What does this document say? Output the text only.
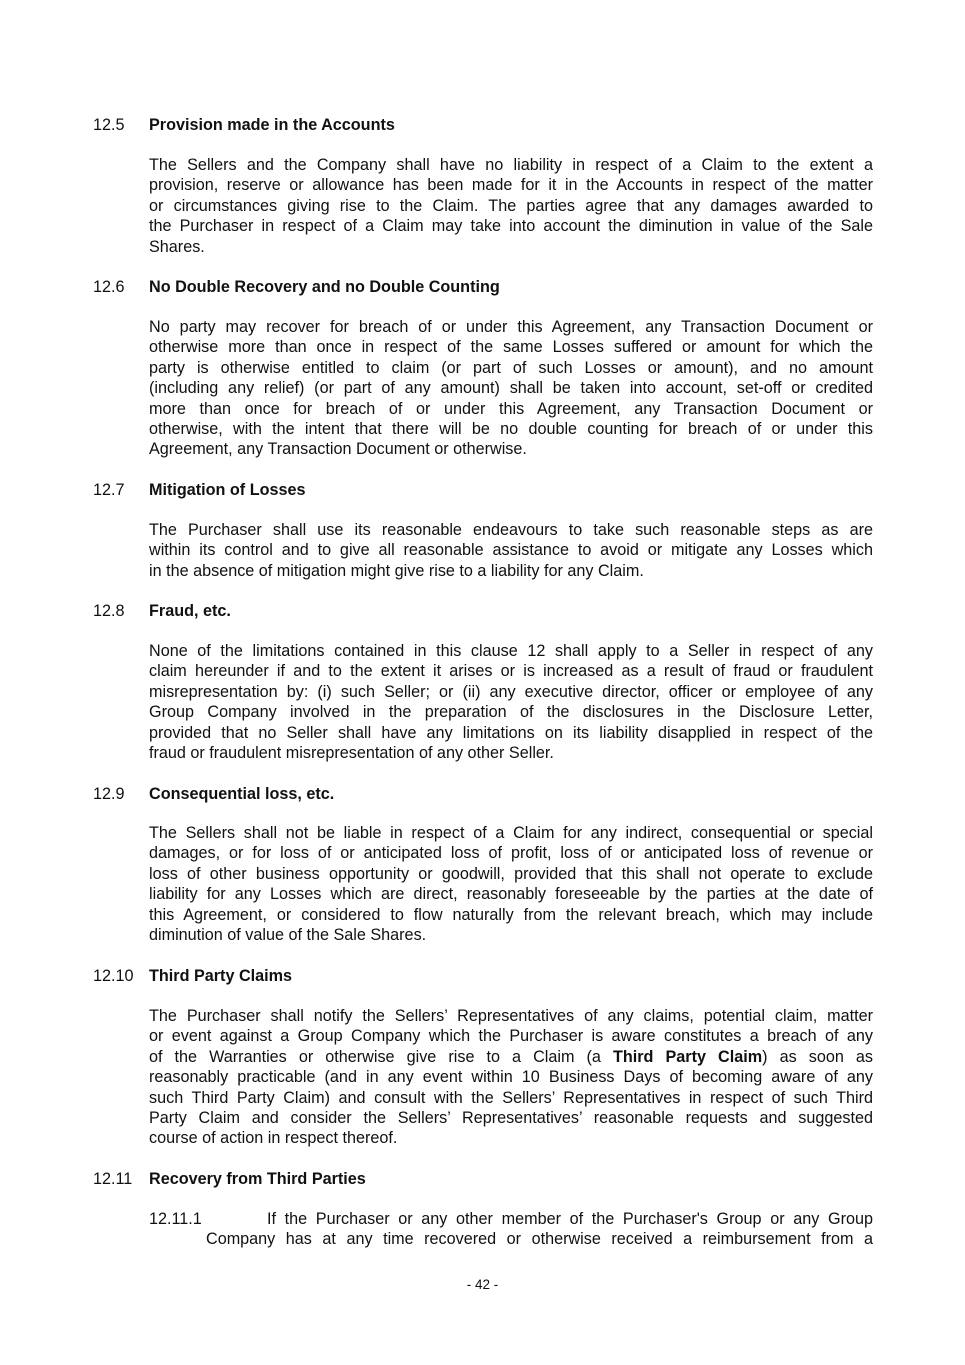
12.5 Provision made in the Accounts
The Sellers and the Company shall have no liability in respect of a Claim to the extent a
provision, reserve or allowance has been made for it in the Accounts in respect of the matter
or circumstances giving rise to the Claim. The parties agree that any damages awarded to
the Purchaser in respect of a Claim may take into account the diminution in value of the Sale
Shares.
12.6 No Double Recovery and no Double Counting
No party may recover for breach of or under this Agreement, any Transaction Document or
otherwise more than once in respect of the same Losses suffered or amount for which the
party is otherwise entitled to claim (or part of such Losses or amount), and no amount
(including any relief) (or part of any amount) shall be taken into account, set-off or credited
more than once for breach of or under this Agreement, any Transaction Document or
otherwise, with the intent that there will be no double counting for breach of or under this
Agreement, any Transaction Document or otherwise.
12.7 Mitigation of Losses
The Purchaser shall use its reasonable endeavours to take such reasonable steps as are
within its control and to give all reasonable assistance to avoid or mitigate any Losses which
in the absence of mitigation might give rise to a liability for any Claim.
12.8 Fraud, etc.
None of the limitations contained in this clause 12 shall apply to a Seller in respect of any
claim hereunder if and to the extent it arises or is increased as a result of fraud or fraudulent
misrepresentation by: (i) such Seller; or (ii) any executive director, officer or employee of any
Group Company involved in the preparation of the disclosures in the Disclosure Letter,
provided that no Seller shall have any limitations on its liability disapplied in respect of the
fraud or fraudulent misrepresentation of any other Seller.
12.9 Consequential loss, etc.
The Sellers shall not be liable in respect of a Claim for any indirect, consequential or special
damages, or for loss of or anticipated loss of profit, loss of or anticipated loss of revenue or
loss of other business opportunity or goodwill, provided that this shall not operate to exclude
liability for any Losses which are direct, reasonably foreseeable by the parties at the date of
this Agreement, or considered to flow naturally from the relevant breach, which may include
diminution of value of the Sale Shares.
12.10 Third Party Claims
The Purchaser shall notify the Sellers’ Representatives of any claims, potential claim, matter
or event against a Group Company which the Purchaser is aware constitutes a breach of any
of the Warranties or otherwise give rise to a Claim (a Third Party Claim) as soon as
reasonably practicable (and in any event within 10 Business Days of becoming aware of any
such Third Party Claim) and consult with the Sellers’ Representatives in respect of such Third
Party Claim and consider the Sellers’ Representatives’ reasonable requests and suggested
course of action in respect thereof.
12.11 Recovery from Third Parties
12.11.1	If the Purchaser or any other member of the Purchaser's Group or any Group
Company has at any time recovered or otherwise received a reimbursement from a
- 42 -
